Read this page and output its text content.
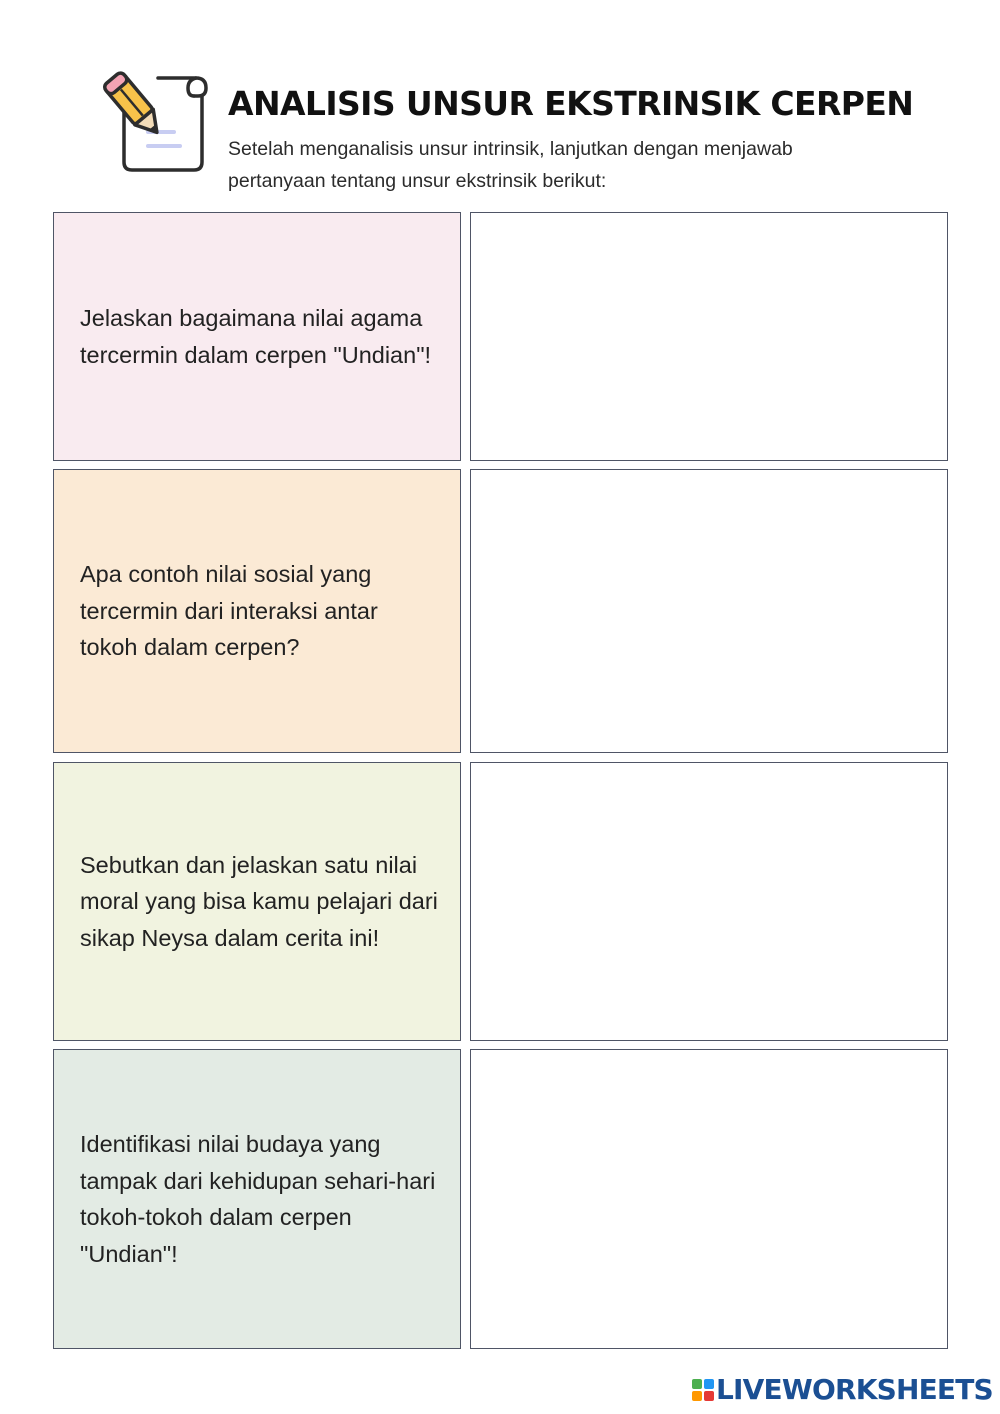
ANALISIS UNSUR EKSTRINSIK CERPEN
Setelah menganalisis unsur intrinsik, lanjutkan dengan menjawab pertanyaan tentang unsur ekstrinsik berikut:
Jelaskan bagaimana nilai agama tercermin dalam cerpen "Undian"!
Apa contoh nilai sosial yang tercermin dari interaksi antar tokoh dalam cerpen?
Sebutkan dan jelaskan satu nilai moral yang bisa kamu pelajari dari sikap Neysa dalam cerita ini!
Identifikasi nilai budaya yang tampak dari kehidupan sehari-hari tokoh-tokoh dalam cerpen "Undian"!
LIVEWORKSHEETS
